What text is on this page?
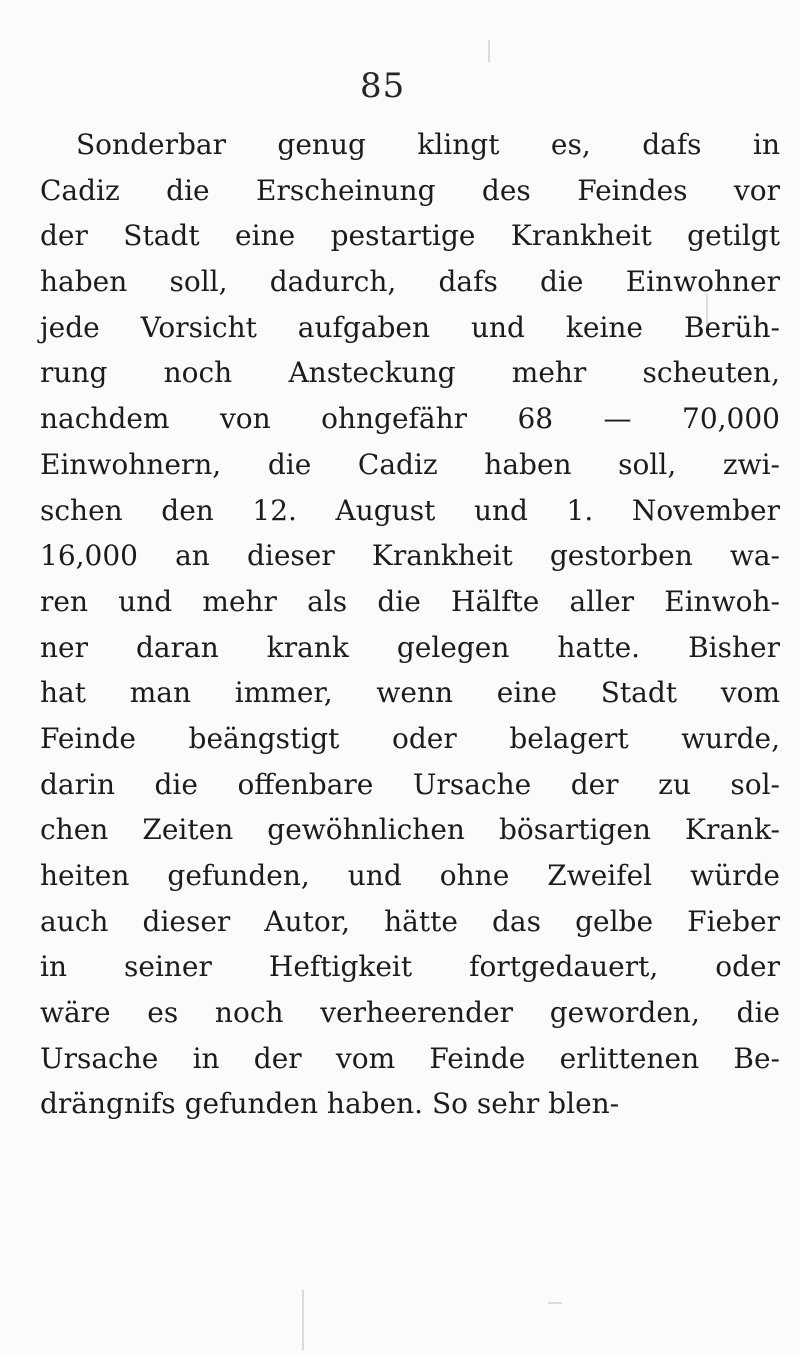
85
Sonderbar genug klingt es, dafs in
Cadiz die Erscheinung des Feindes vor
der Stadt eine pestartige Krankheit getilgt
haben soll, dadurch, dafs die Einwohner
jede Vorsicht aufgaben und keine Berüh-
rung noch Ansteckung mehr scheuten,
nachdem von ohngefähr 68 — 70,000
Einwohnern, die Cadiz haben soll, zwi-
schen den 12. August und 1. November
16,000 an dieser Krankheit gestorben wa-
ren und mehr als die Hälfte aller Einwoh-
ner daran krank gelegen hatte. Bisher
hat man immer, wenn eine Stadt vom
Feinde beängstigt oder belagert wurde,
darin die offenbare Ursache der zu sol-
chen Zeiten gewöhnlichen bösartigen Krank-
heiten gefunden, und ohne Zweifel würde
auch dieser Autor, hätte das gelbe Fieber
in seiner Heftigkeit fortgedauert, oder
wäre es noch verheerender geworden, die
Ursache in der vom Feinde erlittenen Be-
drängnifs gefunden haben. So sehr blen-
